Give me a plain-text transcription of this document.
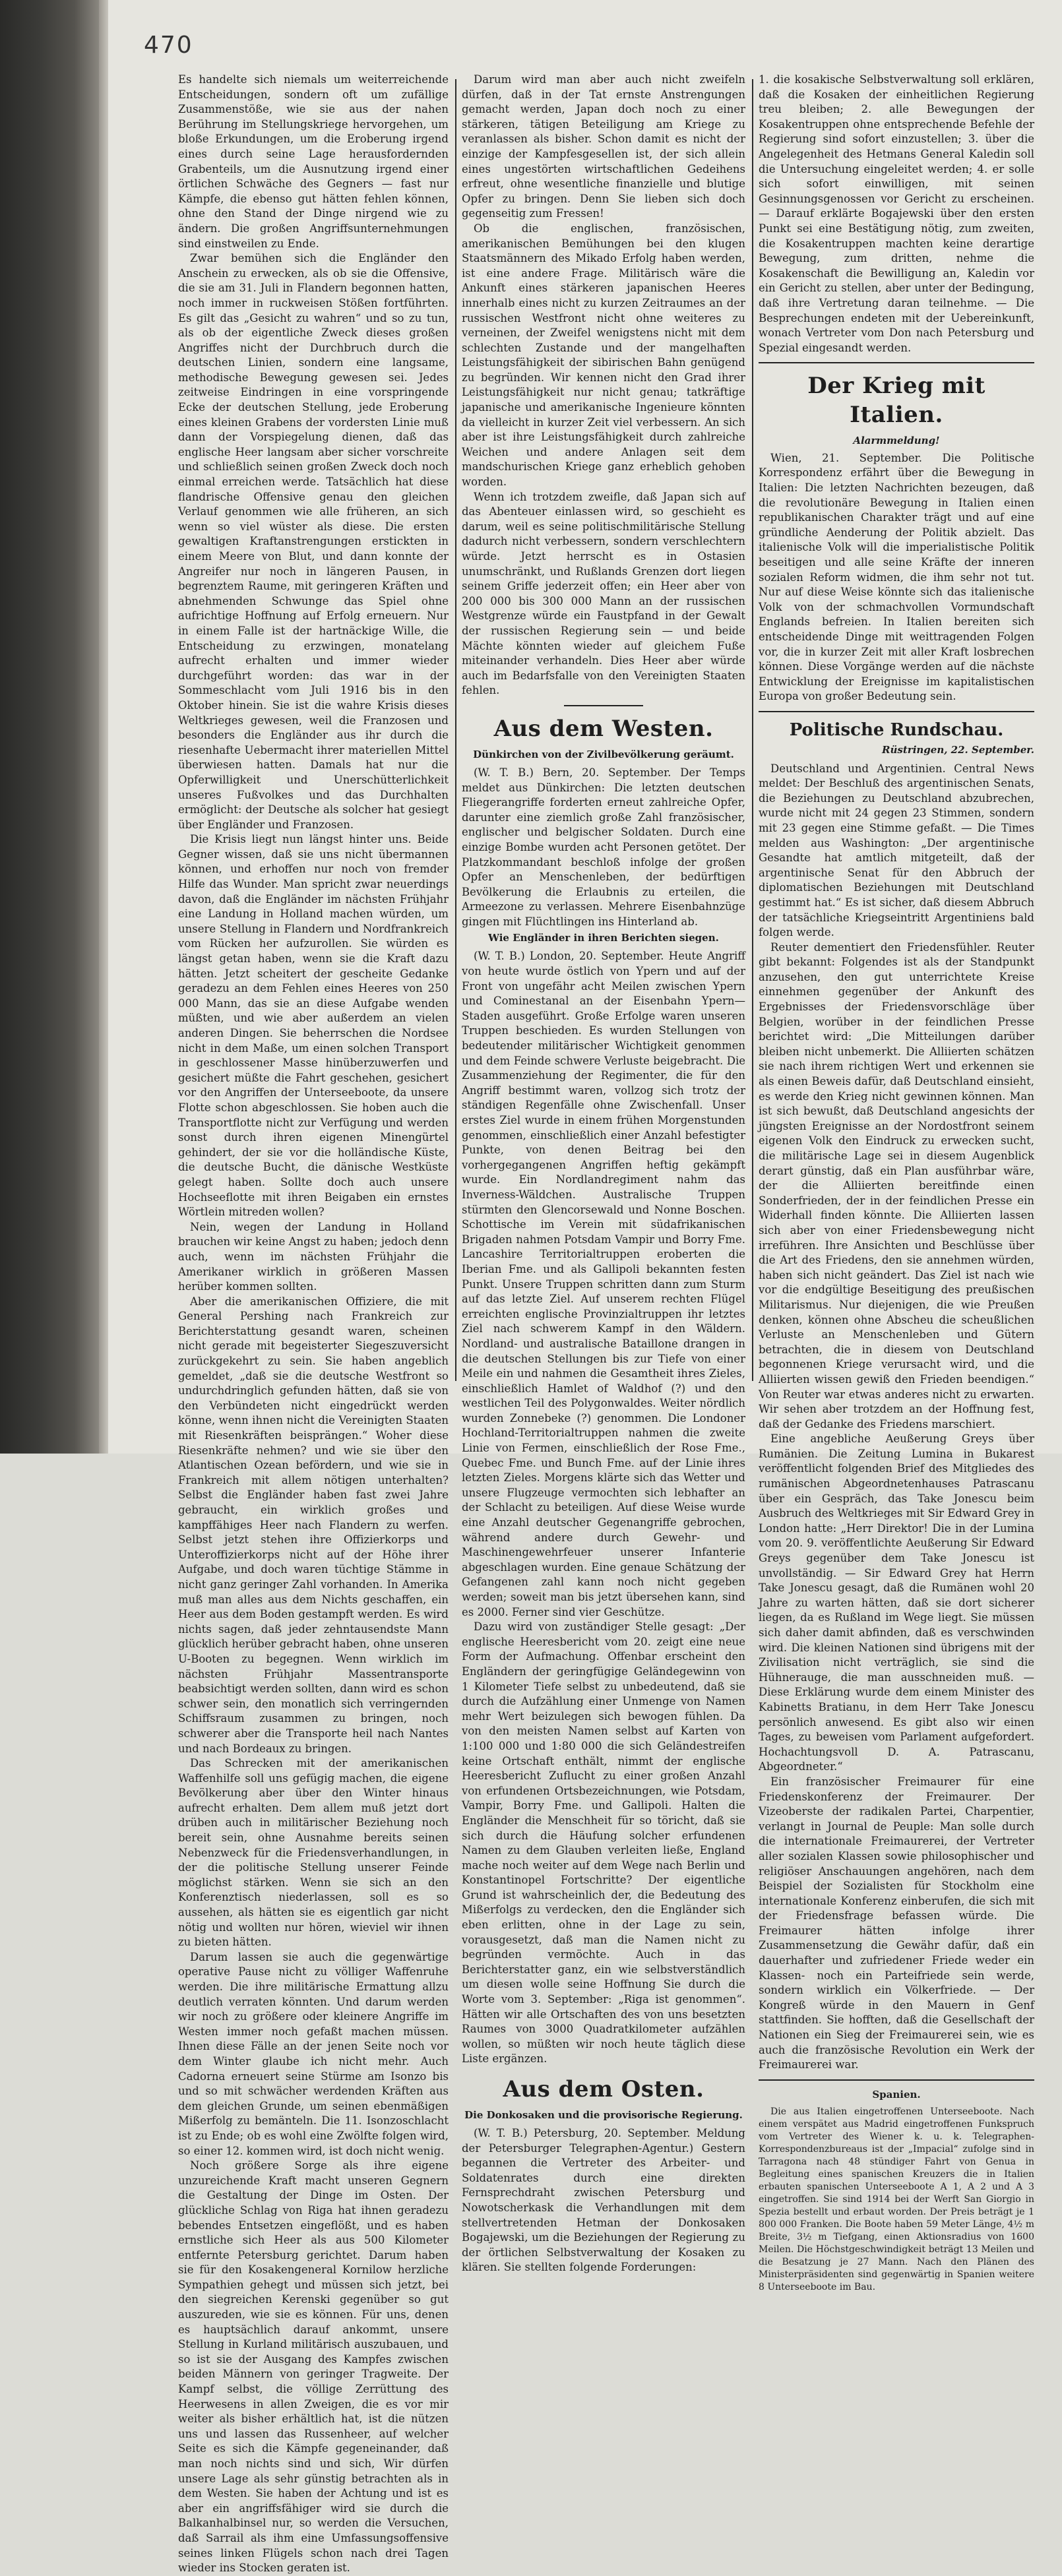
470

Es handelte sich niemals um weiterreichende Entscheidungen, sondern oft um zufällige Zusammenstöße, wie sie aus der nahen Berührung im Stellungskriege hervorgehen, um bloße Erkundungen, um die Eroberung irgend eines durch seine Lage herausfordernden Grabenteils, um die Ausnutzung irgend einer örtlichen Schwäche des Gegners — fast nur Kämpfe, die ebenso gut hätten fehlen können, ohne den Stand der Dinge nirgend wie zu ändern. Die großen Angriffsunternehmungen sind einstweilen zu Ende.

Zwar bemühen sich die Engländer den Anschein zu erwecken, als ob sie die Offensive, die sie am 31. Juli in Flandern begonnen hatten, noch immer in ruckweisen Stößen fortführten. Es gilt das „Gesicht zu wahren“ und so zu tun, als ob der eigentliche Zweck dieses großen Angriffes nicht der Durchbruch durch die deutschen Linien, sondern eine langsame, methodische Bewegung gewesen sei. Jedes zeitweise Eindringen in eine vorspringende Ecke der deutschen Stellung, jede Eroberung eines kleinen Grabens der vordersten Linie muß dann der Vorspiegelung dienen, daß das englische Heer langsam aber sicher vorschreite und schließlich seinen großen Zweck doch noch einmal erreichen werde. Tatsächlich hat diese flandrische Offensive genau den gleichen Verlauf genommen wie alle früheren, an sich wenn so viel wüster als diese. Die ersten gewaltigen Kraftanstrengungen erstickten in einem Meere von Blut, und dann konnte der Angreifer nur noch in längeren Pausen, in begrenztem Raume, mit geringeren Kräften und abnehmenden Schwunge das Spiel ohne aufrichtige Hoffnung auf Erfolg erneuern. Nur in einem Falle ist der hartnäckige Wille, die Entscheidung zu erzwingen, monatelang aufrecht erhalten und immer wieder durchgeführt worden: das war in der Sommeschlacht vom Juli 1916 bis in den Oktober hinein. Sie ist die wahre Krisis dieses Weltkrieges gewesen, weil die Franzosen und besonders die Engländer aus ihr durch die riesenhafte Uebermacht ihrer materiellen Mittel überwiesen hatten. Damals hat nur die Opferwilligkeit und Unerschütterlichkeit unseres Fußvolkes und das Durchhalten ermöglicht: der Deutsche als solcher hat gesiegt über Engländer und Franzosen.

Die Krisis liegt nun längst hinter uns. Beide Gegner wissen, daß sie uns nicht übermannen können, und erhoffen nur noch von fremder Hilfe das Wunder. Man spricht zwar neuerdings davon, daß die Engländer im nächsten Frühjahr eine Landung in Holland machen würden, um unsere Stellung in Flandern und Nordfrankreich vom Rücken her aufzurollen. Sie würden es längst getan haben, wenn sie die Kraft dazu hätten. Jetzt scheitert der gescheite Gedanke geradezu an dem Fehlen eines Heeres von 250 000 Mann, das sie an diese Aufgabe wenden müßten, und wie aber außerdem an vielen anderen Dingen. Sie beherrschen die Nordsee nicht in dem Maße, um einen solchen Transport in geschlossener Masse hinüberzuwerfen und gesichert müßte die Fahrt geschehen, gesichert vor den Angriffen der Unterseeboote, da unsere Flotte schon abgeschlossen. Sie hoben auch die Transportflotte nicht zur Verfügung und werden sonst durch ihren eigenen Minengürtel gehindert, der sie vor die holländische Küste, die deutsche Bucht, die dänische Westküste gelegt haben. Sollte doch auch unsere Hochseeflotte mit ihren Beigaben ein ernstes Wörtlein mitreden wollen?

Nein, wegen der Landung in Holland brauchen wir keine Angst zu haben; jedoch denn auch, wenn im nächsten Frühjahr die Amerikaner wirklich in größeren Massen herüber kommen sollten.

Aber die amerikanischen Offiziere, die mit General Pershing nach Frankreich zur Berichterstattung gesandt waren, scheinen nicht gerade mit begeisterter Siegeszuversicht zurückgekehrt zu sein. Sie haben angeblich gemeldet, „daß sie die deutsche Westfront so undurchdringlich gefunden hätten, daß sie von den Verbündeten nicht eingedrückt werden könne, wenn ihnen nicht die Vereinigten Staaten mit Riesenkräften beisprängen.“ Woher diese Riesenkräfte nehmen? und wie sie über den Atlantischen Ozean befördern, und wie sie in Frankreich mit allem nötigen unterhalten? Selbst die Engländer haben fast zwei Jahre gebraucht, ein wirklich großes und kampffähiges Heer nach Flandern zu werfen. Selbst jetzt stehen ihre Offizierkorps und Unteroffizierkorps nicht auf der Höhe ihrer Aufgabe, und doch waren tüchtige Stämme in nicht ganz geringer Zahl vorhanden. In Amerika muß man alles aus dem Nichts geschaffen, ein Heer aus dem Boden gestampft werden. Es wird nichts sagen, daß jeder zehntausendste Mann glücklich herüber gebracht haben, ohne unseren U-Booten zu begegnen. Wenn wirklich im nächsten Frühjahr Massentransporte beabsichtigt werden sollten, dann wird es schon schwer sein, den monatlich sich verringernden Schiffsraum zusammen zu bringen, noch schwerer aber die Transporte heil nach Nantes und nach Bordeaux zu bringen.

Das Schrecken mit der amerikanischen Waffenhilfe soll uns gefügig machen, die eigene Bevölkerung aber über den Winter hinaus aufrecht erhalten. Dem allem muß jetzt dort drüben auch in militärischer Beziehung noch bereit sein, ohne Ausnahme bereits seinen Nebenzweck für die Friedensverhandlungen, in der die politische Stellung unserer Feinde möglichst stärken. Wenn sie sich an den Konferenztisch niederlassen, soll es so aussehen, als hätten sie es eigentlich gar nicht nötig und wollten nur hören, wieviel wir ihnen zu bieten hätten.

Darum lassen sie auch die gegenwärtige operative Pause nicht zu völliger Waffenruhe werden. Die ihre militärische Ermattung allzu deutlich verraten könnten. Und darum werden wir noch zu größere oder kleinere Angriffe im Westen immer noch gefaßt machen müssen. Ihnen diese Fälle an der jenen Seite noch vor dem Winter glaube ich nicht mehr. Auch Cadorna erneuert seine Stürme am Isonzo bis und so mit schwächer werdenden Kräften aus dem gleichen Grunde, um seinen ebenmäßigen Mißerfolg zu bemänteln. Die 11. Isonzoschlacht ist zu Ende; ob es wohl eine Zwölfte folgen wird, so einer 12. kommen wird, ist doch nicht wenig.

Noch größere Sorge als ihre eigene unzureichende Kraft macht unseren Gegnern die Gestaltung der Dinge im Osten. Der glückliche Schlag von Riga hat ihnen geradezu bebendes Entsetzen eingeflößt, und es haben ernstliche sich Heer als aus 500 Kilometer entfernte Petersburg gerichtet. Darum haben sie für den Kosakengeneral Kornilow herzliche Sympathien gehegt und müssen sich jetzt, bei den siegreichen Kerenski gegenüber so gut auszureden, wie sie es können. Für uns, denen es hauptsächlich darauf ankommt, unsere Stellung in Kurland militärisch auszubauen, und so ist sie der Ausgang des Kampfes zwischen beiden Männern von geringer Tragweite. Der Kampf selbst, die völlige Zerrüttung des Heerwesens in allen Zweigen, die es vor mir weiter als bisher erhältlich hat, ist die nützen uns und lassen das Russenheer, auf welcher Seite es sich die Kämpfe gegeneinander, daß man noch nichts sind und sich, Wir dürfen unsere Lage als sehr günstig betrachten als in dem Westen. Sie haben der Achtung und ist es aber ein angriffsfähiger wird sie durch die Balkanhalbinsel nur, so werden die Versuchen, daß Sarrail als ihm eine Umfassungsoffensive seines linken Flügels schon nach drei Tagen wieder ins Stocken geraten ist.

Darum wird man aber auch nicht zweifeln dürfen, daß in der Tat ernste Anstrengungen gemacht werden, Japan doch noch zu einer stärkeren, tätigen Beteiligung am Kriege zu veranlassen als bisher. Schon damit es nicht der einzige der Kampfesgesellen ist, der sich allein eines ungestörten wirtschaftlichen Gedeihens erfreut, ohne wesentliche finanzielle und blutige Opfer zu bringen. Denn Sie lieben sich doch gegenseitig zum Fressen!

Ob die englischen, französischen, amerikanischen Bemühungen bei den klugen Staatsmännern des Mikado Erfolg haben werden, ist eine andere Frage. Militärisch wäre die Ankunft eines stärkeren japanischen Heeres innerhalb eines nicht zu kurzen Zeitraumes an der russischen Westfront nicht ohne weiteres zu verneinen, der Zweifel wenigstens nicht mit dem schlechten Zustande und der mangelhaften Leistungsfähigkeit der sibirischen Bahn genügend zu begründen. Wir kennen nicht den Grad ihrer Leistungsfähigkeit nur nicht genau; tatkräftige japanische und amerikanische Ingenieure könnten da vielleicht in kurzer Zeit viel verbessern. An sich aber ist ihre Leistungsfähigkeit durch zahlreiche Weichen und andere Anlagen seit dem mandschurischen Kriege ganz erheblich gehoben worden.

Wenn ich trotzdem zweifle, daß Japan sich auf das Abenteuer einlassen wird, so geschieht es darum, weil es seine politischmilitärische Stellung dadurch nicht verbessern, sondern verschlechtern würde. Jetzt herrscht es in Ostasien unumschränkt, und Rußlands Grenzen dort liegen seinem Griffe jederzeit offen; ein Heer aber von 200 000 bis 300 000 Mann an der russischen Westgrenze würde ein Faustpfand in der Gewalt der russischen Regierung sein — und beide Mächte könnten wieder auf gleichem Fuße miteinander verhandeln. Dies Heer aber würde auch im Bedarfsfalle von den Vereinigten Staaten fehlen.

Aus dem Westen.
Dünkirchen von der Zivilbevölkerung geräumt.

(W. T. B.) Bern, 20. September. Der Temps meldet aus Dünkirchen: Die letzten deutschen Fliegerangriffe forderten erneut zahlreiche Opfer, darunter eine ziemlich große Zahl französischer, englischer und belgischer Soldaten. Durch eine einzige Bombe wurden acht Personen getötet. Der Platzkommandant beschloß infolge der großen Opfer an Menschenleben, der bedürftigen Bevölkerung die Erlaubnis zu erteilen, die Armeezone zu verlassen. Mehrere Eisenbahnzüge gingen mit Flüchtlingen ins Hinterland ab.

Wie Engländer in ihren Berichten siegen.

(W. T. B.) London, 20. September. Heute Angriff von heute wurde östlich von Ypern und auf der Front von ungefähr acht Meilen zwischen Ypern und Cominestanal an der Eisenbahn Ypern—Staden ausgeführt. Große Erfolge waren unseren Truppen beschieden. Es wurden Stellungen von bedeutender militärischer Wichtigkeit genommen und dem Feinde schwere Verluste beigebracht. Die Zusammenziehung der Regimenter, die für den Angriff bestimmt waren, vollzog sich trotz der ständigen Regenfälle ohne Zwischenfall. Unser erstes Ziel wurde in einem frühen Morgenstunden genommen, einschließlich einer Anzahl befestigter Punkte, von denen Beitrag bei den vorhergegangenen Angriffen heftig gekämpft wurde. Ein Nordlandregiment nahm das Inverness-Wäldchen. Australische Truppen stürmten den Glencorsewald und Nonne Boschen. Schottische im Verein mit südafrikanischen Brigaden nahmen Potsdam Vampir und Borry Fme. Lancashire Territorialtruppen eroberten die Iberian Fme. und als Gallipoli bekannten festen Punkt. Unsere Truppen schritten dann zum Sturm auf das letzte Ziel. Auf unserem rechten Flügel erreichten englische Provinzialtruppen ihr letztes Ziel nach schwerem Kampf in den Wäldern. Nordland- und australische Bataillone drangen in die deutschen Stellungen bis zur Tiefe von einer Meile ein und nahmen die Gesamtheit ihres Zieles, einschließlich Hamlet of Waldhof (?) und den westlichen Teil des Polygonwaldes. Weiter nördlich wurden Zonnebeke (?) genommen. Die Londoner Hochland-Territorialtruppen nahmen die zweite Linie von Fermen, einschließlich der Rose Fme., Quebec Fme. und Bunch Fme. auf der Linie ihres letzten Zieles. Morgens klärte sich das Wetter und unsere Flugzeuge vermochten sich lebhafter an der Schlacht zu beteiligen. Auf diese Weise wurde eine Anzahl deutscher Gegenangriffe gebrochen, während andere durch Gewehr- und Maschinengewehrfeuer unserer Infanterie abgeschlagen wurden. Eine genaue Schätzung der Gefangenen zahl kann noch nicht gegeben werden; soweit man bis jetzt übersehen kann, sind es 2000. Ferner sind vier Geschütze.

Dazu wird von zuständiger Stelle gesagt: „Der englische Heeresbericht vom 20. zeigt eine neue Form der Aufmachung. Offenbar erscheint den Engländern der geringfügige Geländegewinn von 1 Kilometer Tiefe selbst zu unbedeutend, daß sie durch die Aufzählung einer Unmenge von Namen mehr Wert beizulegen sich bewogen fühlen. Da von den meisten Namen selbst auf Karten von 1:100 000 und 1:80 000 die sich Geländestreifen keine Ortschaft enthält, nimmt der englische Heeresbericht Zuflucht zu einer großen Anzahl von erfundenen Ortsbezeichnungen, wie Potsdam, Vampir, Borry Fme. und Gallipoli. Halten die Engländer die Menschheit für so töricht, daß sie sich durch die Häufung solcher erfundenen Namen zu dem Glauben verleiten ließe, England mache noch weiter auf dem Wege nach Berlin und Konstantinopel Fortschritte? Der eigentliche Grund ist wahrscheinlich der, die Bedeutung des Mißerfolgs zu verdecken, den die Engländer sich eben erlitten, ohne in der Lage zu sein, vorausgesetzt, daß man die Namen nicht zu begründen vermöchte. Auch in das Berichterstatter ganz, ein wie selbstverständlich um diesen wolle seine Hoffnung Sie durch die Worte vom 3. September: „Riga ist genommen“. Hätten wir alle Ortschaften des von uns besetzten Raumes von 3000 Quadratkilometer aufzählen wollen, so müßten wir noch heute täglich diese Liste ergänzen.

Aus dem Osten.
Die Donkosaken und die provisorische Regierung.

(W. T. B.) Petersburg, 20. September. Meldung der Petersburger Telegraphen-Agentur.) Gestern begannen die Vertreter des Arbeiter- und Soldatenrates durch eine direkten Fernsprechdraht zwischen Petersburg und Nowotscherkask die Verhandlungen mit dem stellvertretenden Hetman der Donkosaken Bogajewski, um die Beziehungen der Regierung zu der örtlichen Selbstverwaltung der Kosaken zu klären. Sie stellten folgende Forderungen:

1. die kosakische Selbstverwaltung soll erklären, daß die Kosaken der einheitlichen Regierung treu bleiben; 2. alle Bewegungen der Kosakentruppen ohne entsprechende Befehle der Regierung sind sofort einzustellen; 3. über die Angelegenheit des Hetmans General Kaledin soll die Untersuchung eingeleitet werden; 4. er solle sich sofort einwilligen, mit seinen Gesinnungsgenossen vor Gericht zu erscheinen. — Darauf erklärte Bogajewski über den ersten Punkt sei eine Bestätigung nötig, zum zweiten, die Kosakentruppen machten keine derartige Bewegung, zum dritten, nehme die Kosakenschaft die Bewilligung an, Kaledin vor ein Gericht zu stellen, aber unter der Bedingung, daß ihre Vertretung daran teilnehme. — Die Besprechungen endeten mit der Uebereinkunft, wonach Vertreter vom Don nach Petersburg und Spezial eingesandt werden.

Der Krieg mit Italien.
Alarmmeldung!

Wien, 21. September. Die Politische Korrespondenz erfährt über die Bewegung in Italien: Die letzten Nachrichten bezeugen, daß die revolutionäre Bewegung in Italien einen republikanischen Charakter trägt und auf eine gründliche Aenderung der Politik abzielt. Das italienische Volk will die imperialistische Politik beseitigen und alle seine Kräfte der inneren sozialen Reform widmen, die ihm sehr not tut. Nur auf diese Weise könnte sich das italienische Volk von der schmachvollen Vormundschaft Englands befreien. In Italien bereiten sich entscheidende Dinge mit weittragenden Folgen vor, die in kurzer Zeit mit aller Kraft losbrechen können. Diese Vorgänge werden auf die nächste Entwicklung der Ereignisse im kapitalistischen Europa von großer Bedeutung sein.

Politische Rundschau.
Rüstringen, 22. September.

Deutschland und Argentinien. Central News meldet: Der Beschluß des argentinischen Senats, die Beziehungen zu Deutschland abzubrechen, wurde nicht mit 24 gegen 23 Stimmen, sondern mit 23 gegen eine Stimme gefaßt. — Die Times melden aus Washington: „Der argentinische Gesandte hat amtlich mitgeteilt, daß der argentinische Senat für den Abbruch der diplomatischen Beziehungen mit Deutschland gestimmt hat.“ Es ist sicher, daß diesem Abbruch der tatsächliche Kriegseintritt Argentiniens bald folgen werde.

Reuter dementiert den Friedensfühler. Reuter gibt bekannt: Folgendes ist als der Standpunkt anzusehen, den gut unterrichtete Kreise einnehmen gegenüber der Ankunft des Ergebnisses der Friedensvorschläge über Belgien, worüber in der feindlichen Presse berichtet wird: „Die Mitteilungen darüber bleiben nicht unbemerkt. Die Alliierten schätzen sie nach ihrem richtigen Wert und erkennen sie als einen Beweis dafür, daß Deutschland einsieht, es werde den Krieg nicht gewinnen können. Man ist sich bewußt, daß Deutschland angesichts der jüngsten Ereignisse an der Nordostfront seinem eigenen Volk den Eindruck zu erwecken sucht, die militärische Lage sei in diesem Augenblick derart günstig, daß ein Plan ausführbar wäre, der die Alliierten bereitfinde einen Sonderfrieden, der in der feindlichen Presse ein Widerhall finden könnte. Die Alliierten lassen sich aber von einer Friedensbewegung nicht irreführen. Ihre Ansichten und Beschlüsse über die Art des Friedens, den sie annehmen würden, haben sich nicht geändert. Das Ziel ist nach wie vor die endgültige Beseitigung des preußischen Militarismus. Nur diejenigen, die wie Preußen denken, können ohne Abscheu die scheußlichen Verluste an Menschenleben und Gütern betrachten, die in diesem von Deutschland begonnenen Kriege verursacht wird, und die Alliierten wissen gewiß den Frieden beendigen.“ Von Reuter war etwas anderes nicht zu erwarten. Wir sehen aber trotzdem an der Hoffnung fest, daß der Gedanke des Friedens marschiert.

Eine angebliche Aeußerung Greys über Rumänien. Die Zeitung Lumina in Bukarest veröffentlicht folgenden Brief des Mitgliedes des rumänischen Abgeordnetenhauses Patrascanu über ein Gespräch, das Take Jonescu beim Ausbruch des Weltkrieges mit Sir Edward Grey in London hatte: „Herr Direktor! Die in der Lumina vom 20. 9. veröffentlichte Aeußerung Sir Edward Greys gegenüber dem Take Jonescu ist unvollständig. — Sir Edward Grey hat Herrn Take Jonescu gesagt, daß die Rumänen wohl 20 Jahre zu warten hätten, daß sie dort sicherer liegen, da es Rußland im Wege liegt. Sie müssen sich daher damit abfinden, daß es verschwinden wird. Die kleinen Nationen sind übrigens mit der Zivilisation nicht verträglich, sie sind die Hühnerauge, die man ausschneiden muß. — Diese Erklärung wurde dem einem Minister des Kabinetts Bratianu, in dem Herr Take Jonescu persönlich anwesend. Es gibt also wir einen Tages, zu beweisen vom Parlament aufgefordert. Hochachtungsvoll D. A. Patrascanu, Abgeordneter.“

Ein französischer Freimaurer für eine Friedenskonferenz der Freimaurer. Der Vizeoberste der radikalen Partei, Charpentier, verlangt in Journal de Peuple: Man solle durch die internationale Freimaurerei, der Vertreter aller sozialen Klassen sowie philosophischer und religiöser Anschauungen angehören, nach dem Beispiel der Sozialisten für Stockholm eine internationale Konferenz einberufen, die sich mit der Friedensfrage befassen würde. Die Freimaurer hätten infolge ihrer Zusammensetzung die Gewähr dafür, daß ein dauerhafter und zufriedener Friede weder ein Klassen- noch ein Parteifriede sein werde, sondern wirklich ein Völkerfriede. — Der Kongreß würde in den Mauern in Genf stattfinden. Sie hofften, daß die Gesellschaft der Nationen ein Sieg der Freimaurerei sein, wie es auch die französische Revolution ein Werk der Freimaurerei war.

Spanien.

Die aus Italien eingetroffenen Unterseeboote. Nach einem verspätet aus Madrid eingetroffenen Funkspruch vom Vertreter des Wiener k. u. k. Telegraphen-Korrespondenzbureaus ist der „Impacial“ zufolge sind in Tarragona nach 48 stündiger Fahrt von Genua in Begleitung eines spanischen Kreuzers die in Italien erbauten spanischen Unterseeboote A 1, A 2 und A 3 eingetroffen. Sie sind 1914 bei der Werft San Giorgio in Spezia bestellt und erbaut worden. Der Preis beträgt je 1 800 000 Franken. Die Boote haben 59 Meter Länge, 4½ m Breite, 3½ m Tiefgang, einen Aktionsradius von 1600 Meilen. Die Höchstgeschwindigkeit beträgt 13 Meilen und die Besatzung je 27 Mann. Nach den Plänen des Ministerpräsidenten sind gegenwärtig in Spanien weitere 8 Unterseeboote im Bau.
